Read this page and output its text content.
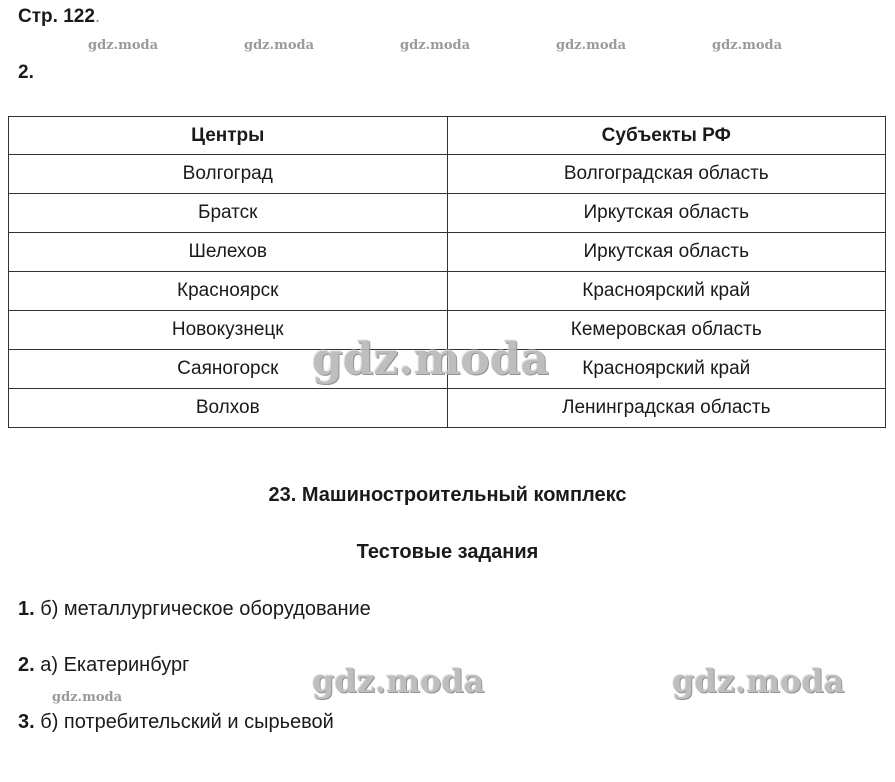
Стр. 122.
gdz.moda	gdz.moda	gdz.moda	gdz.moda	gdz.moda
2.
Центры	Субъекты РФ
Волгоград	Волгоградская область
Братск	Иркутская область
Шелехов	Иркутская область
Красноярск	Красноярский край
Новокузнецк	Кемеровская область
Саяногорск	Красноярский край
Волхов	Ленинградская область
gdz.moda
23. Машиностроительный комплекс
Тестовые задания
1. б) металлургическое оборудование
2. а) Екатеринбург
3. б) потребительский и сырьевой
gdz.moda	gdz.moda	gdz.moda
